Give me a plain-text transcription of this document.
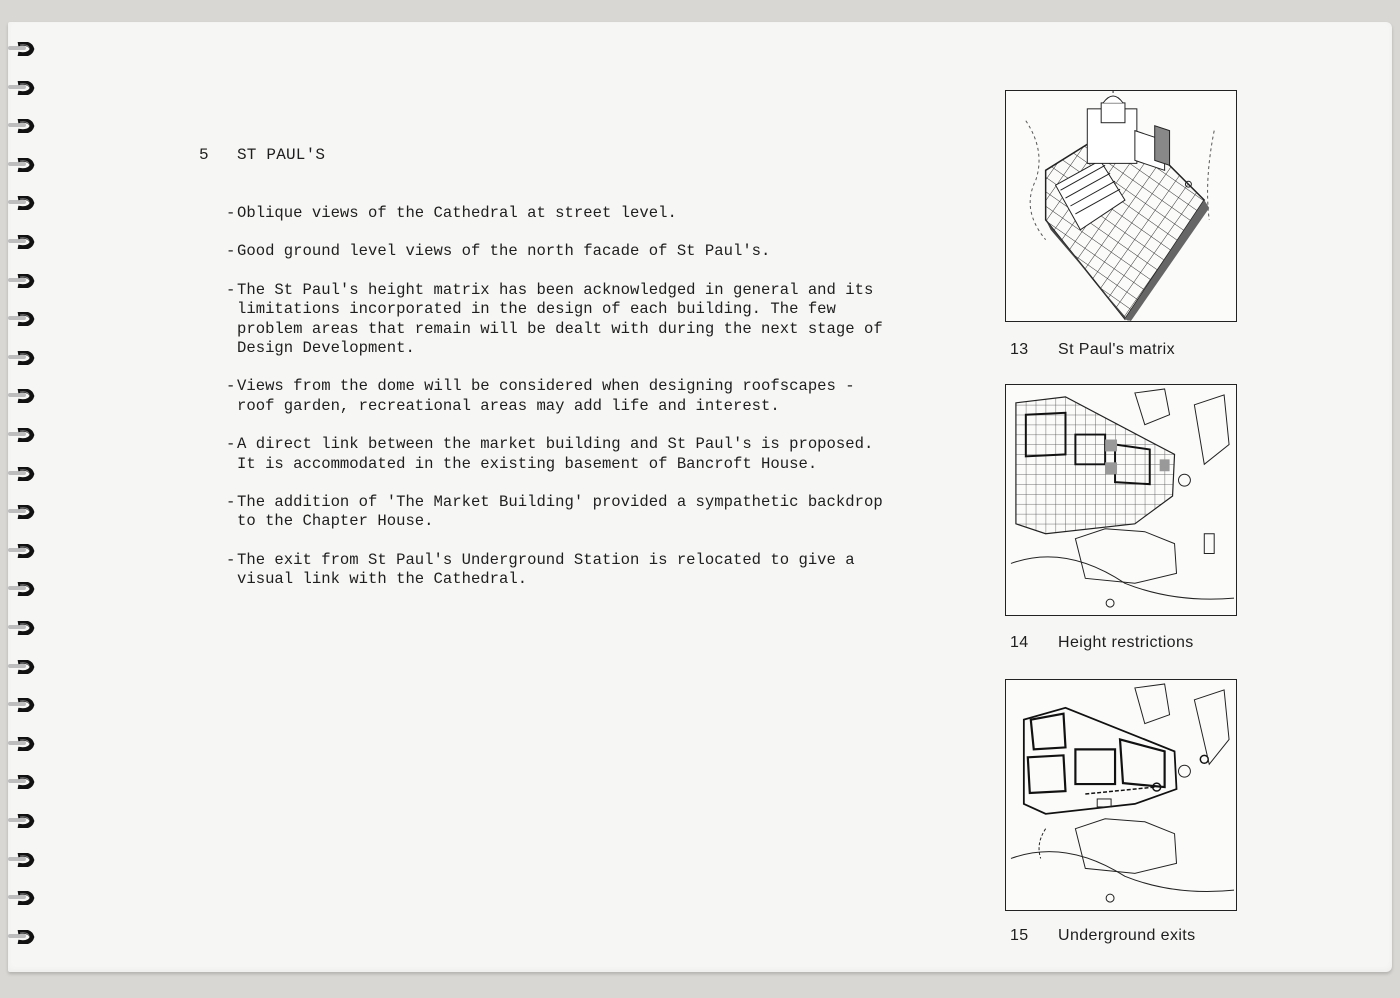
5 ST PAUL'S
- Oblique views of the Cathedral at street level.
- Good ground level views of the north facade of St Paul's.
- The St Paul's height matrix has been acknowledged in general and its
limitations incorporated in the design of each building. The few
problem areas that remain will be dealt with during the next stage of
Design Development.
- Views from the dome will be considered when designing roofscapes -
roof garden, recreational areas may add life and interest.
- A direct link between the market building and St Paul's is proposed.
It is accommodated in the existing basement of Bancroft House.
- The addition of 'The Market Building' provided a sympathetic backdrop
to the Chapter House.
- The exit from St Paul's Underground Station is relocated to give a
visual link with the Cathedral.
13 St Paul's matrix
14 Height restrictions
15 Underground exits
